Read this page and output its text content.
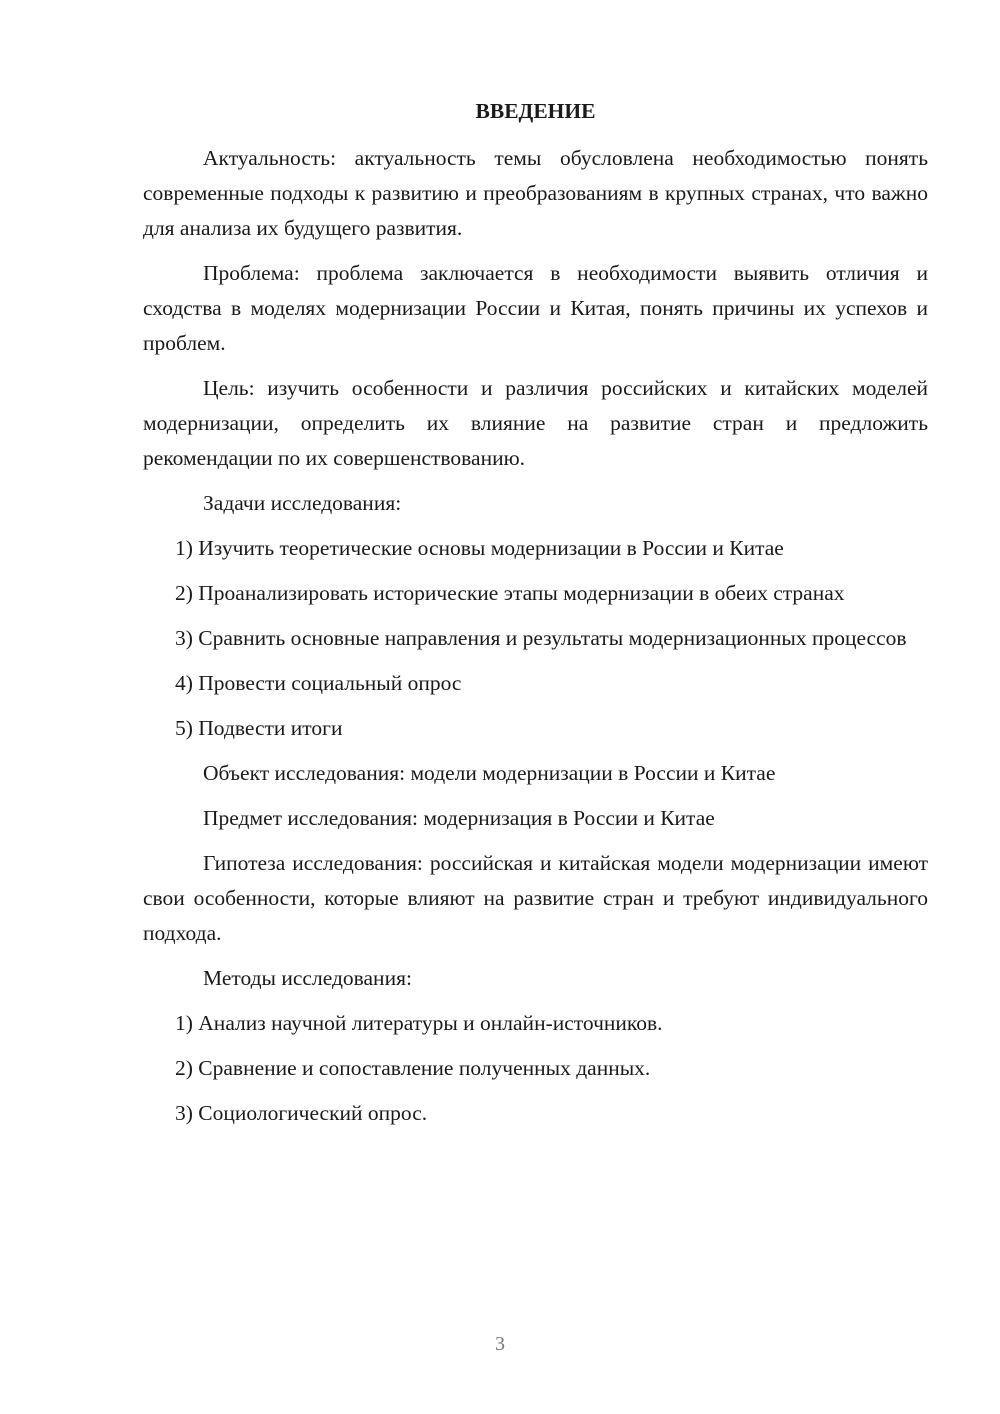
ВВЕДЕНИЕ

Актуальность: актуальность темы обусловлена необходимостью понять современные подходы к развитию и преобразованиям в крупных странах, что важно для анализа их будущего развития.

Проблема: проблема заключается в необходимости выявить отличия и сходства в моделях модернизации России и Китая, понять причины их успехов и проблем.

Цель: изучить особенности и различия российских и китайских моделей модернизации, определить их влияние на развитие стран и предложить рекомендации по их совершенствованию.

Задачи исследования:

1) Изучить теоретические основы модернизации в России и Китае

2) Проанализировать исторические этапы модернизации в обеих странах

3) Сравнить основные направления и результаты модернизационных процессов

4) Провести социальный опрос

5) Подвести итоги

Объект исследования: модели модернизации в России и Китае

Предмет исследования: модернизация в России и Китае

Гипотеза исследования: российская и китайская модели модернизации имеют свои особенности, которые влияют на развитие стран и требуют индивидуального подхода.

Методы исследования:

1) Анализ научной литературы и онлайн-источников.

2) Сравнение и сопоставление полученных данных.

3) Социологический опрос.

3
